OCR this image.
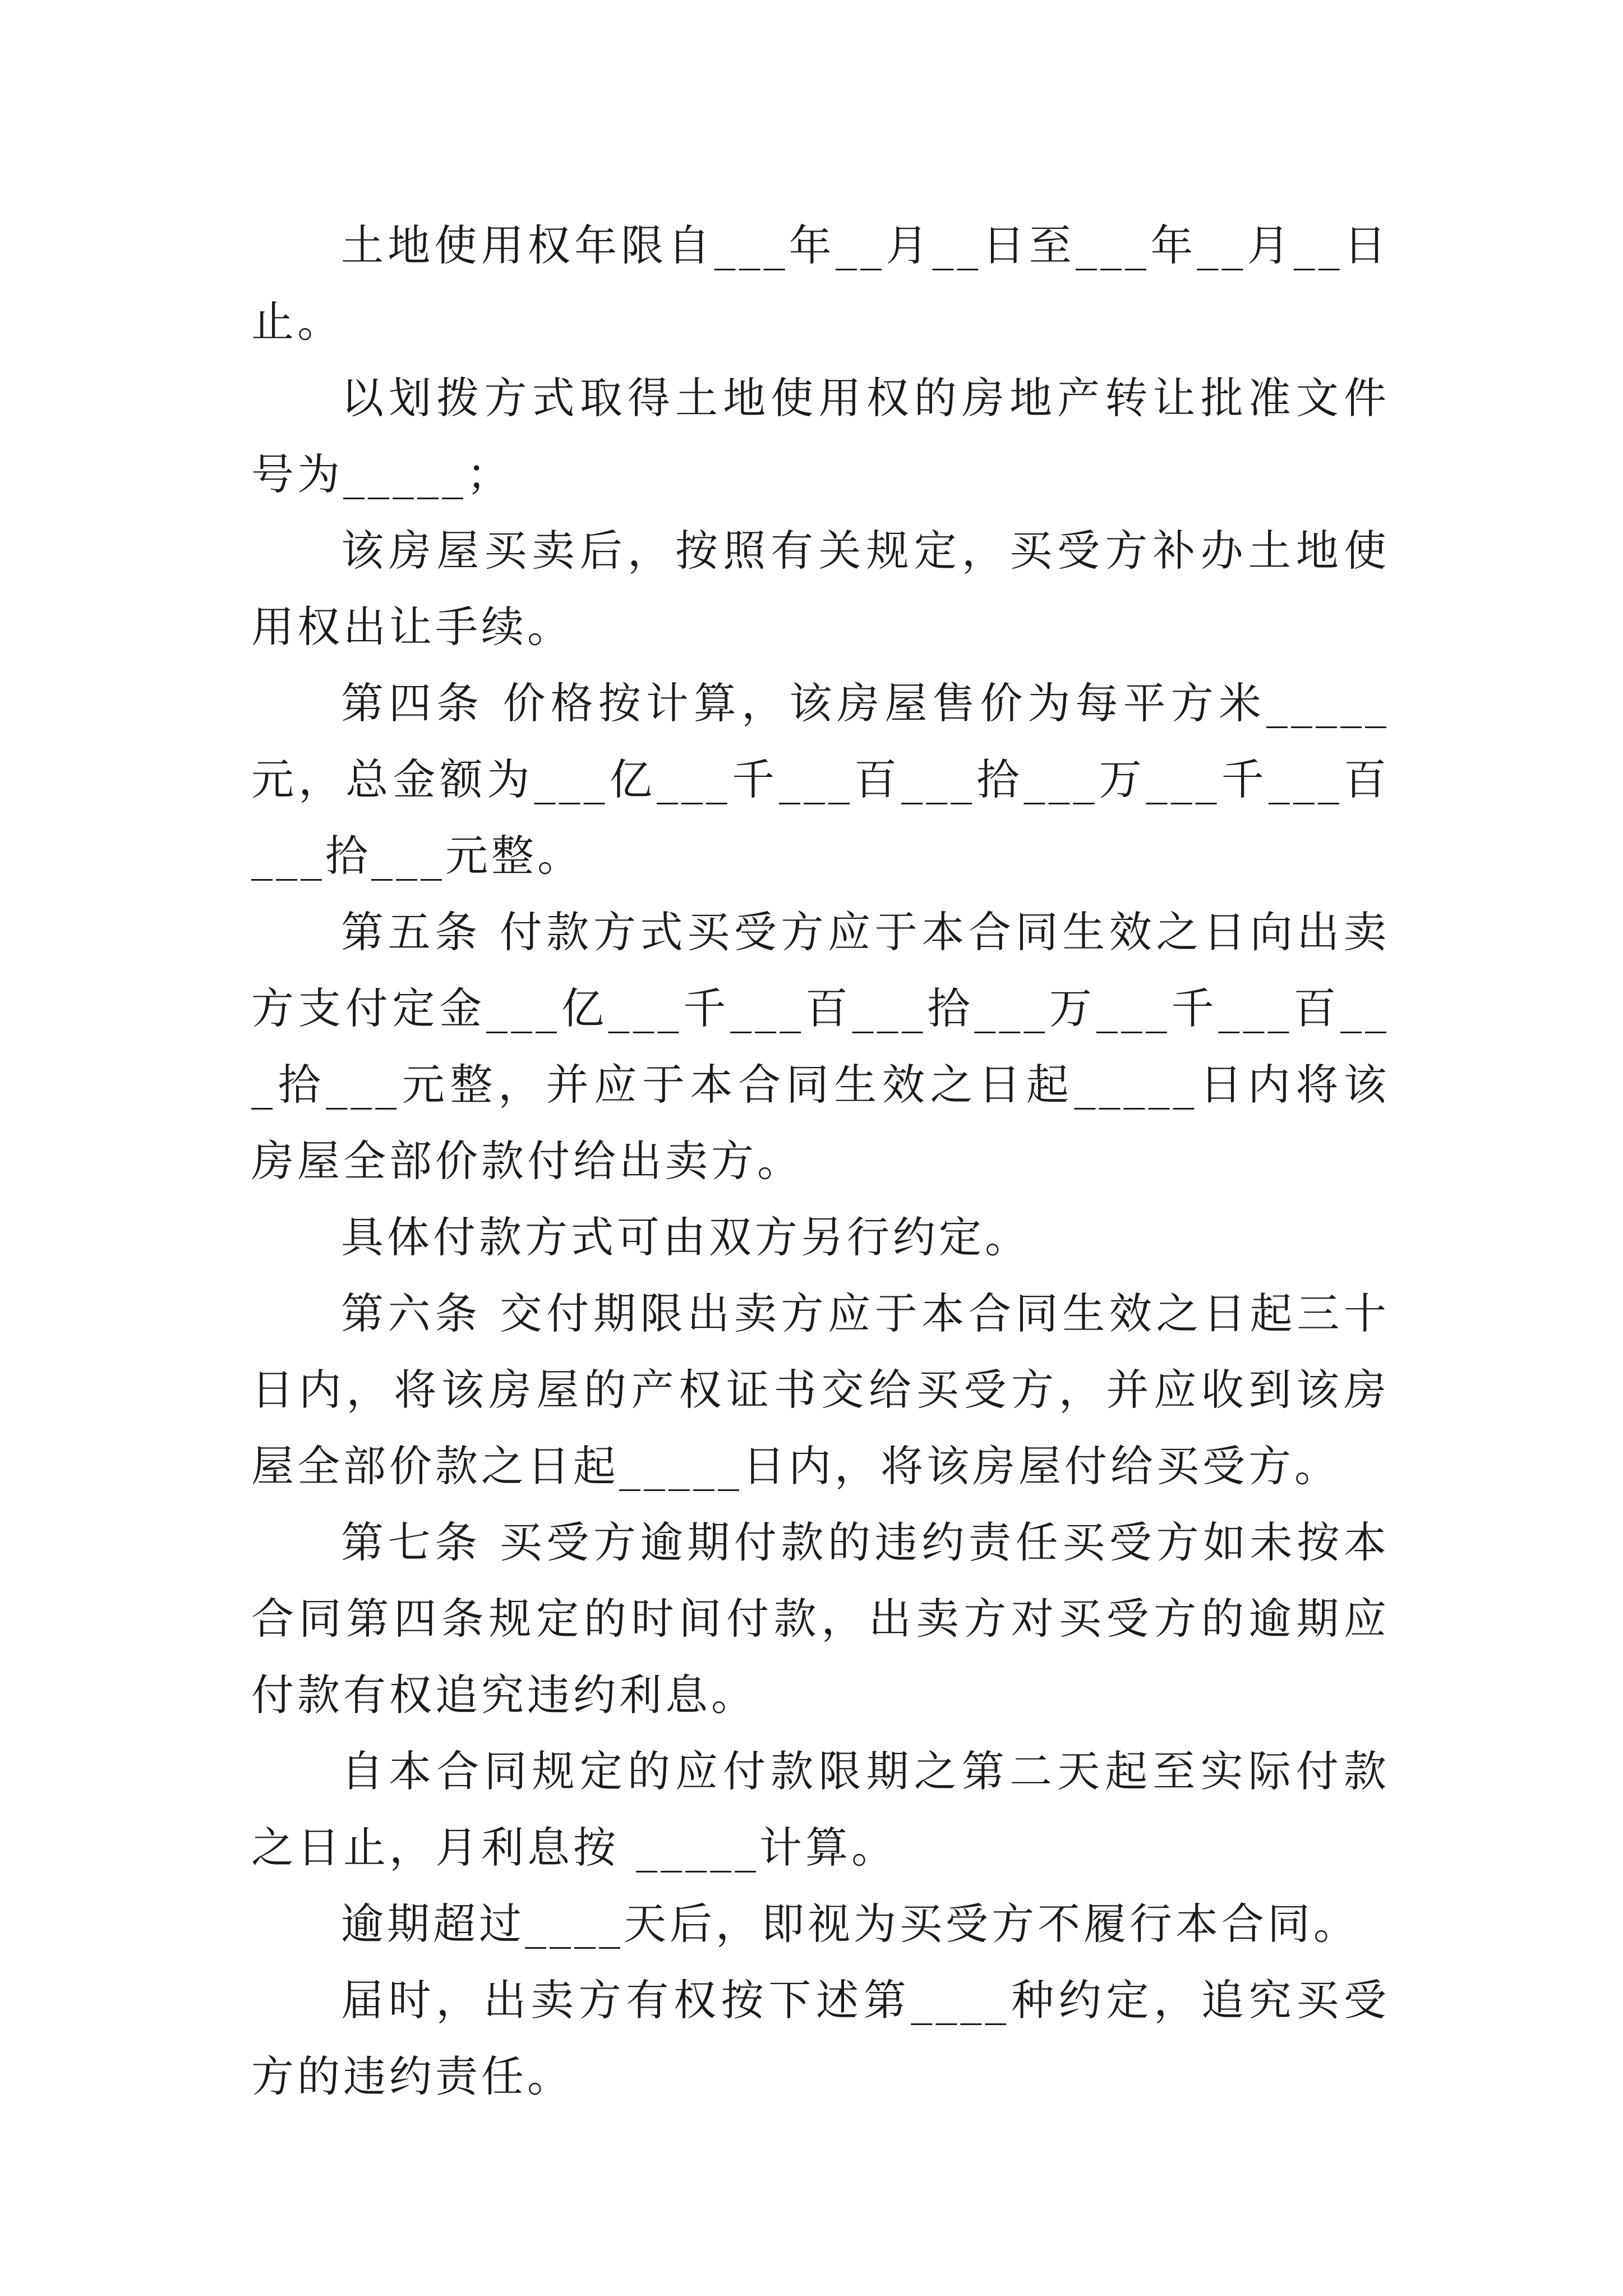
土地使用权年限自___年__月__日至___年__月__日止。

以划拨方式取得土地使用权的房地产转让批准文件号为_____；

该房屋买卖后，按照有关规定，买受方补办土地使用权出让手续。

第四条 价格按计算，该房屋售价为每平方米_____元，总金额为___亿___千___百___拾___万___千___百___拾___元整。

第五条 付款方式买受方应于本合同生效之日向出卖方支付定金___亿___千___百___拾___万___千___百___拾___元整，并应于本合同生效之日起_____日内将该房屋全部价款付给出卖方。

具体付款方式可由双方另行约定。

第六条 交付期限出卖方应于本合同生效之日起三十日内，将该房屋的产权证书交给买受方，并应收到该房屋全部价款之日起_____日内，将该房屋付给买受方。

第七条 买受方逾期付款的违约责任买受方如未按本合同第四条规定的时间付款，出卖方对买受方的逾期应付款有权追究违约利息。

自本合同规定的应付款限期之第二天起至实际付款之日止，月利息按 _____计算。

逾期超过____天后，即视为买受方不履行本合同。

届时，出卖方有权按下述第____种约定，追究买受方的违约责任。
